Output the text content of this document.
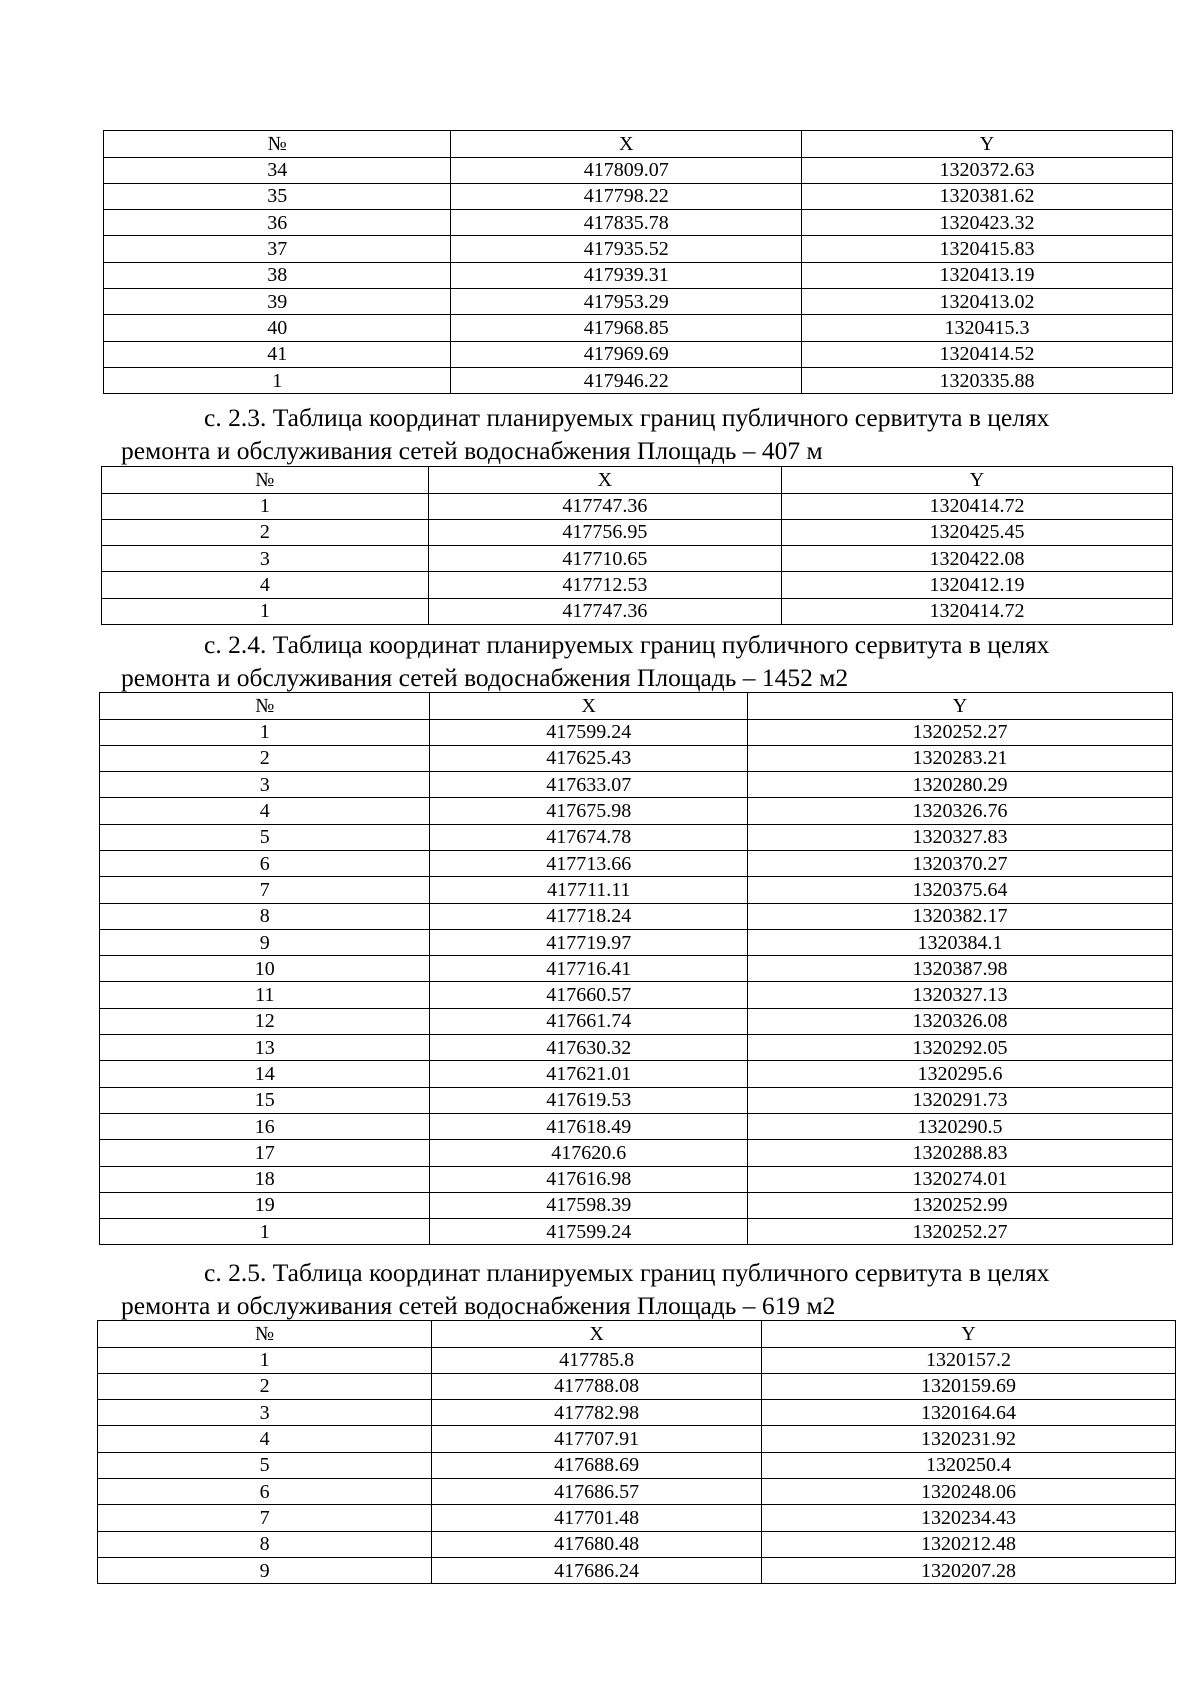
№	X	Y
34	417809.07	1320372.63
35	417798.22	1320381.62
36	417835.78	1320423.32
37	417935.52	1320415.83
38	417939.31	1320413.19
39	417953.29	1320413.02
40	417968.85	1320415.3
41	417969.69	1320414.52
1	417946.22	1320335.88
с. 2.3. Таблица координат планируемых границ публичного сервитута в целях
ремонта и обслуживания сетей водоснабжения Площадь – 407 м
№	X	Y
1	417747.36	1320414.72
2	417756.95	1320425.45
3	417710.65	1320422.08
4	417712.53	1320412.19
1	417747.36	1320414.72
с. 2.4. Таблица координат планируемых границ публичного сервитута в целях
ремонта и обслуживания сетей водоснабжения Площадь – 1452 м2
№	X	Y
1	417599.24	1320252.27
2	417625.43	1320283.21
3	417633.07	1320280.29
4	417675.98	1320326.76
5	417674.78	1320327.83
6	417713.66	1320370.27
7	417711.11	1320375.64
8	417718.24	1320382.17
9	417719.97	1320384.1
10	417716.41	1320387.98
11	417660.57	1320327.13
12	417661.74	1320326.08
13	417630.32	1320292.05
14	417621.01	1320295.6
15	417619.53	1320291.73
16	417618.49	1320290.5
17	417620.6	1320288.83
18	417616.98	1320274.01
19	417598.39	1320252.99
1	417599.24	1320252.27
с. 2.5. Таблица координат планируемых границ публичного сервитута в целях
ремонта и обслуживания сетей водоснабжения Площадь – 619 м2
№	X	Y
1	417785.8	1320157.2
2	417788.08	1320159.69
3	417782.98	1320164.64
4	417707.91	1320231.92
5	417688.69	1320250.4
6	417686.57	1320248.06
7	417701.48	1320234.43
8	417680.48	1320212.48
9	417686.24	1320207.28
